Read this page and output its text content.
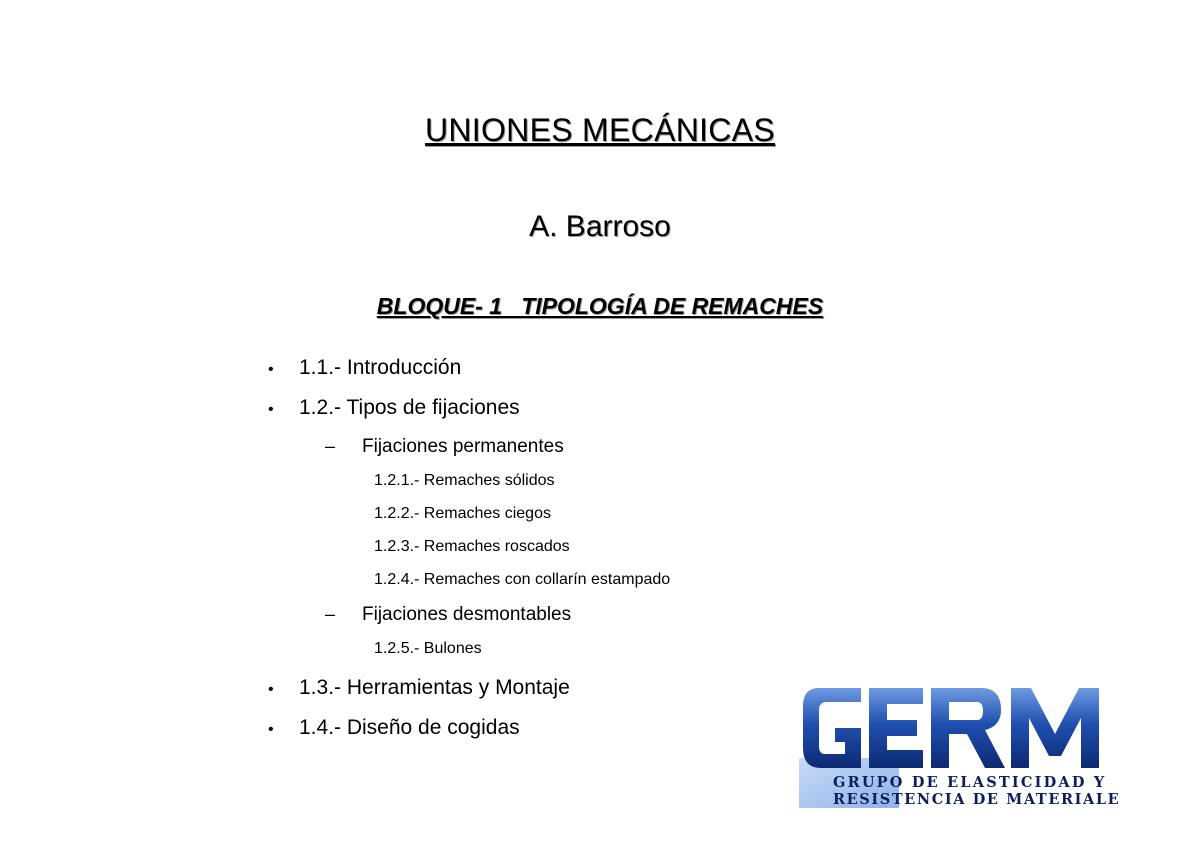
UNIONES MECÁNICAS
A. Barroso
BLOQUE- 1   TIPOLOGÍA DE REMACHES
• 1.1.- Introducción
• 1.2.- Tipos de fijaciones
– Fijaciones permanentes
1.2.1.- Remaches sólidos
1.2.2.- Remaches ciegos
1.2.3.- Remaches roscados
1.2.4.- Remaches con collarín estampado
– Fijaciones desmontables
1.2.5.- Bulones
• 1.3.- Herramientas y Montaje
• 1.4.- Diseño de cogidas
GRUPO DE ELASTICIDAD Y
RESISTENCIA DE MATERIALES
